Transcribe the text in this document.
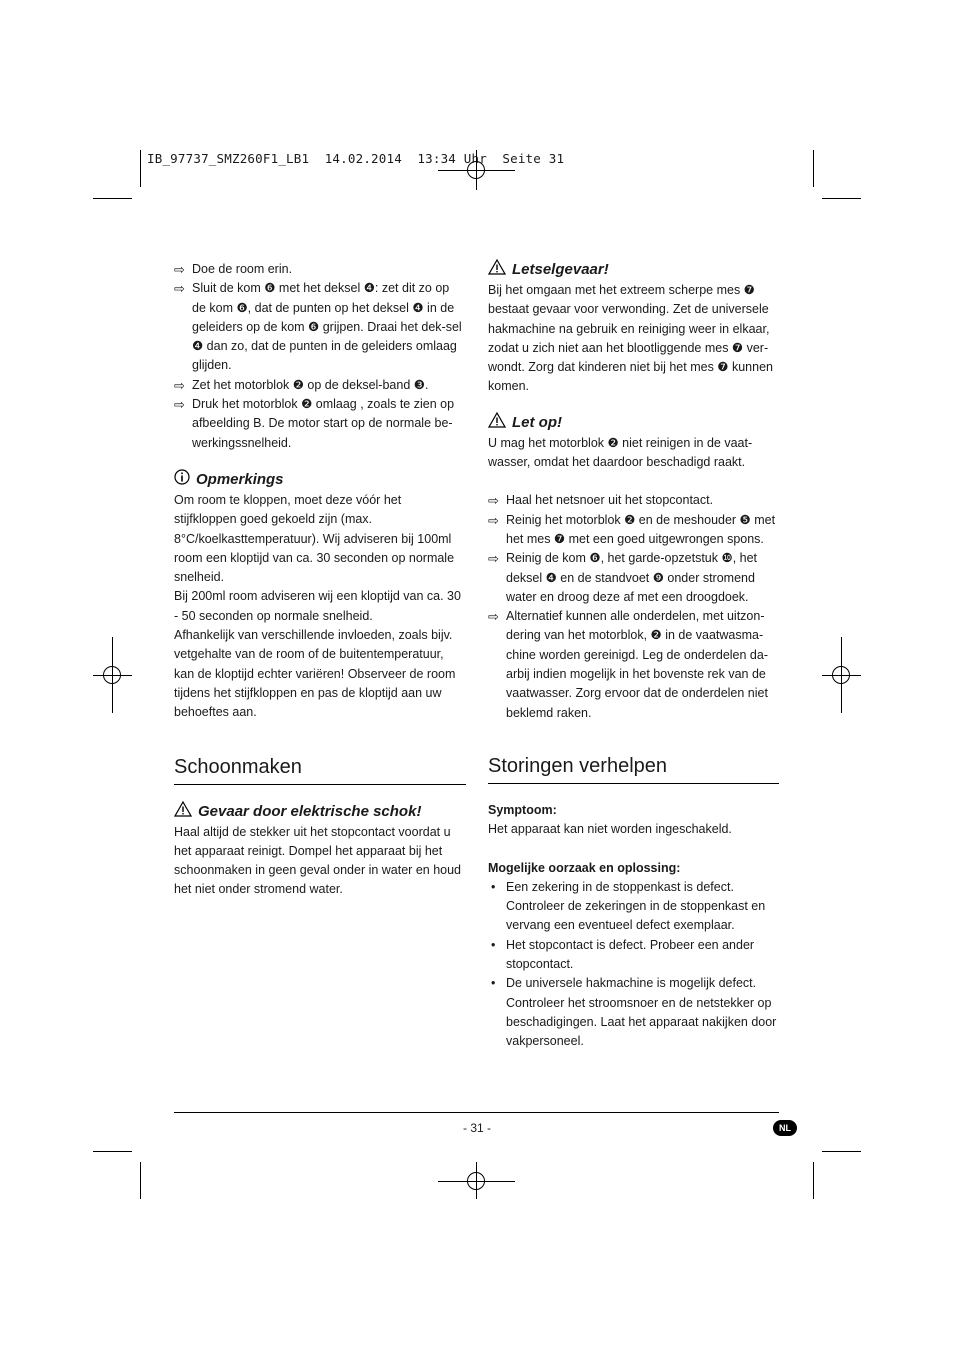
IB_97737_SMZ260F1_LB1  14.02.2014  13:34 Uhr  Seite 31
⇨ Doe de room erin.

⇨ Sluit de kom ❻ met het deksel ❹: zet dit zo op de kom ❻, dat de punten op het deksel ❹ in de geleiders op de kom ❻ grijpen. Draai het dek-sel ❹ dan zo, dat de punten in de geleiders omlaag glijden.

⇨ Zet het motorblok ❷ op de deksel-band ❸.

⇨ Druk het motorblok ❷ omlaag , zoals te zien op afbeelding B. De motor start op de normale be-werkingssnelheid.

Opmerkings

Om room te kloppen, moet deze vóór het stijfkloppen goed gekoeld zijn (max. 8°C/koelkasttemperatuur). Wij adviseren bij 100ml room een kloptijd van ca. 30 seconden op normale snelheid.

Bij 200ml room adviseren wij een kloptijd van ca. 30 - 50 seconden op normale snelheid.

Afhankelijk van verschillende invloeden, zoals bijv. vetgehalte van de room of de buitentemperatuur, kan de kloptijd echter variëren! Observeer de room tijdens het stijfkloppen en pas de kloptijd aan uw behoeftes aan.

Schoonmaken
Gevaar door elektrische schok!

Haal altijd de stekker uit het stopcontact voordat u het apparaat reinigt. Dompel het apparaat bij het schoonmaken in geen geval onder in water en houd het niet onder stromend water.

Letselgevaar!

Bij het omgaan met het extreem scherpe mes ❼ bestaat gevaar voor verwonding. Zet de universele hakmachine na gebruik en reiniging weer in elkaar, zodat u zich niet aan het blootliggende mes ❼ ver-wondt. Zorg dat kinderen niet bij het mes ❼ kunnen komen.

Let op!

U mag het motorblok ❷ niet reinigen in de vaat-wasser, omdat het daardoor beschadigd raakt.

⇨ Haal het netsnoer uit het stopcontact.

⇨ Reinig het motorblok ❷ en de meshouder ❺ met het mes ❼ met een goed uitgewrongen spons.

⇨ Reinig de kom ❻, het garde-opzetstuk ❿, het deksel ❹ en de standvoet ❾ onder stromend water en droog deze af met een droogdoek.

⇨ Alternatief kunnen alle onderdelen, met uitzon-dering van het motorblok, ❷ in de vaatwasma-chine worden gereinigd. Leg de onderdelen da-arbij indien mogelijk in het bovenste rek van de vaatwasser. Zorg ervoor dat de onderdelen niet beklemd raken.

Storingen verhelpen

Symptoom:

Het apparaat kan niet worden ingeschakeld.

Mogelijke oorzaak en oplossing:

• Een zekering in de stoppenkast is defect. Controleer de zekeringen in de stoppenkast en vervang een eventueel defect exemplaar.

• Het stopcontact is defect. Probeer een ander stopcontact.

• De universele hakmachine is mogelijk defect. Controleer het stroomsnoer en de netstekker op beschadigingen. Laat het apparaat nakijken door vakpersoneel.

- 31 -	NL
